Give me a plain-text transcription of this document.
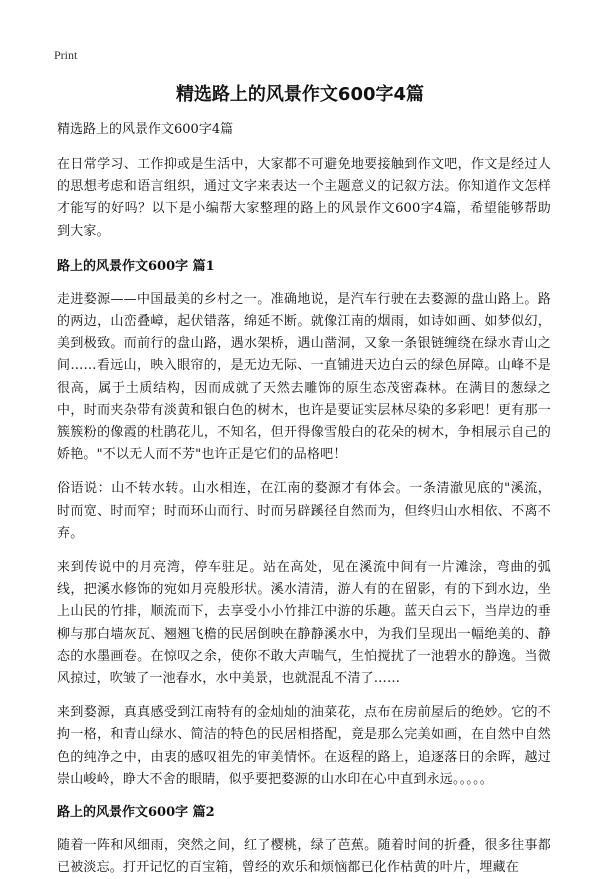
Print
精选路上的风景作文600字4篇

精选路上的风景作文600字4篇

在日常学习、工作抑或是生活中，大家都不可避免地要接触到作文吧，作文是经过人的思想考虑和语言组织，通过文字来表达一个主题意义的记叙方法。你知道作文怎样才能写的好吗？以下是小编帮大家整理的路上的风景作文600字4篇，希望能够帮助到大家。

路上的风景作文600字 篇1

走进婺源——中国最美的乡村之一。准确地说，是汽车行驶在去婺源的盘山路上。路的两边，山峦叠嶂，起伏错落，绵延不断。就像江南的烟雨，如诗如画、如梦似幻，美到极致。而前行的盘山路，遇水架桥，遇山凿洞，又象一条银链缠绕在绿水青山之间……看远山，映入眼帘的，是无边无际、一直铺进天边白云的绿色屏障。山峰不是很高，属于土质结构，因而成就了天然去雕饰的原生态茂密森林。在满目的葱绿之中，时而夹杂带有淡黄和银白色的树木，也许是要证实层林尽染的多彩吧！更有那一簇簇粉的像霞的杜鹃花儿，不知名，但开得像雪般白的花朵的树木，争相展示自己的娇艳。"不以无人而不芳"也许正是它们的品格吧！

俗语说：山不转水转。山水相连，在江南的婺源才有体会。一条清澈见底的"溪流，时而宽、时而窄；时而环山而行、时而另辟蹊径自然而为，但终归山水相依、不离不弃。

来到传说中的月亮湾，停车驻足。站在高处，见在溪流中间有一片滩涂，弯曲的弧线，把溪水修饰的宛如月亮般形状。溪水清清，游人有的在留影，有的下到水边，坐上山民的竹排，顺流而下，去享受小小竹排江中游的乐趣。蓝天白云下，当岸边的垂柳与那白墙灰瓦、翘翘飞檐的民居倒映在静静溪水中，为我们呈现出一幅绝美的、静态的水墨画卷。在惊叹之余，使你不敢大声喘气，生怕搅扰了一池碧水的静逸。当微风掠过，吹皱了一池春水，水中美景，也就混乱不清了……

来到婺源，真真感受到江南特有的金灿灿的油菜花，点布在房前屋后的绝妙。它的不拘一格，和青山绿水、简洁的特色的民居相搭配，竟是那么完美如画，在自然中自然色的纯净之中，由衷的感叹祖先的审美情怀。在返程的路上，追逐落日的余晖，越过崇山峻岭，睁大不舍的眼睛，似乎要把婺源的山水印在心中直到永远。。。。。

路上的风景作文600字 篇2

随着一阵和风细雨，突然之间，红了樱桃，绿了芭蕉。随着时间的折叠，很多往事都已被淡忘。打开记忆的百宝箱，曾经的欢乐和烦恼都已化作枯黄的叶片，埋藏在
